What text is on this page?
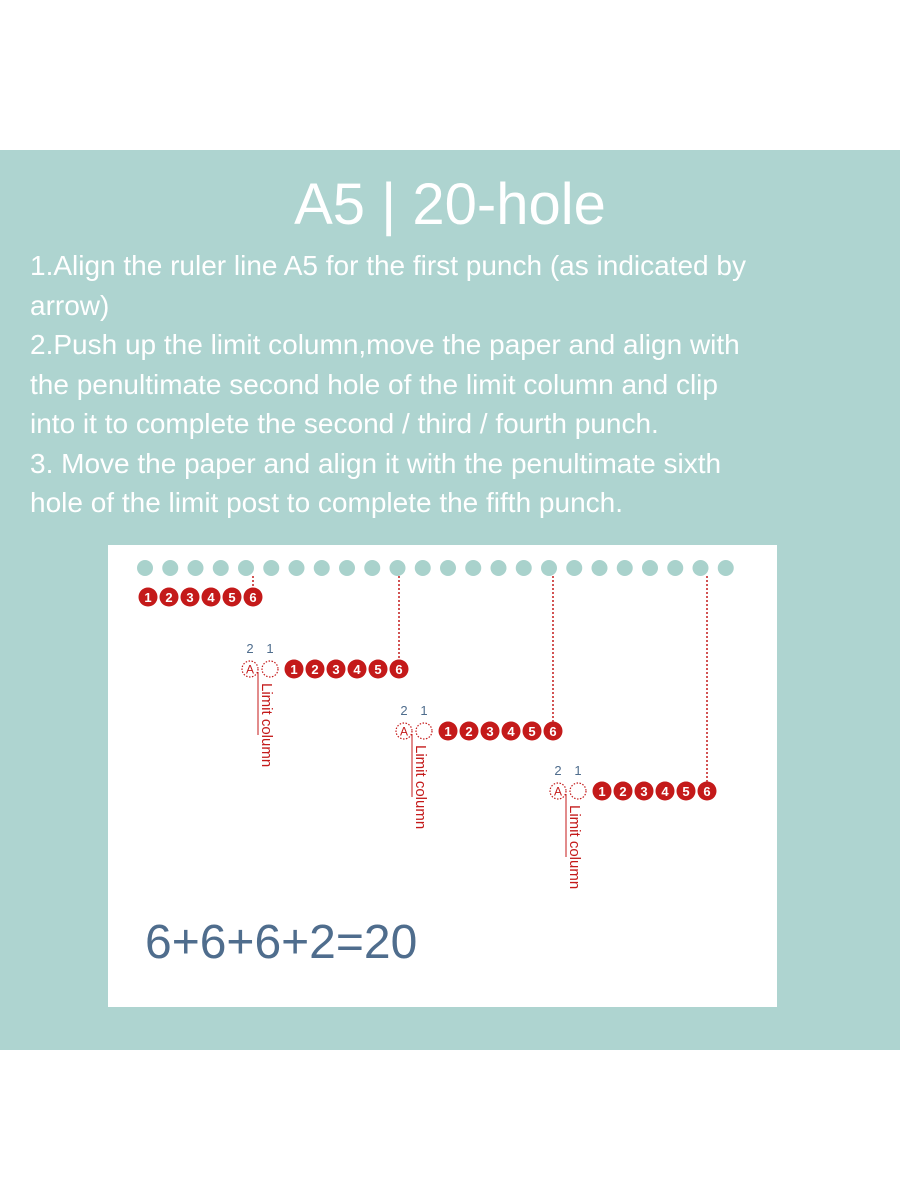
A5 | 20-hole
1.Align the ruler line A5 for the first punch (as indicated by
arrow)
2.Push up the limit column,move the paper and align with
the penultimate second hole of the limit column and clip
into it to complete the second / third / fourth punch.
3. Move the paper and align it with the penultimate sixth
hole of the limit post to complete the fifth punch.
1 2 3 4 5 6
2 1
A	1 2 3 4 5 6
Limit column	2 1
A	1 2 3 4 5 6
Limit column	2 1
A	1 2 3 4 5 6
Limit column
6+6+6+2=20
